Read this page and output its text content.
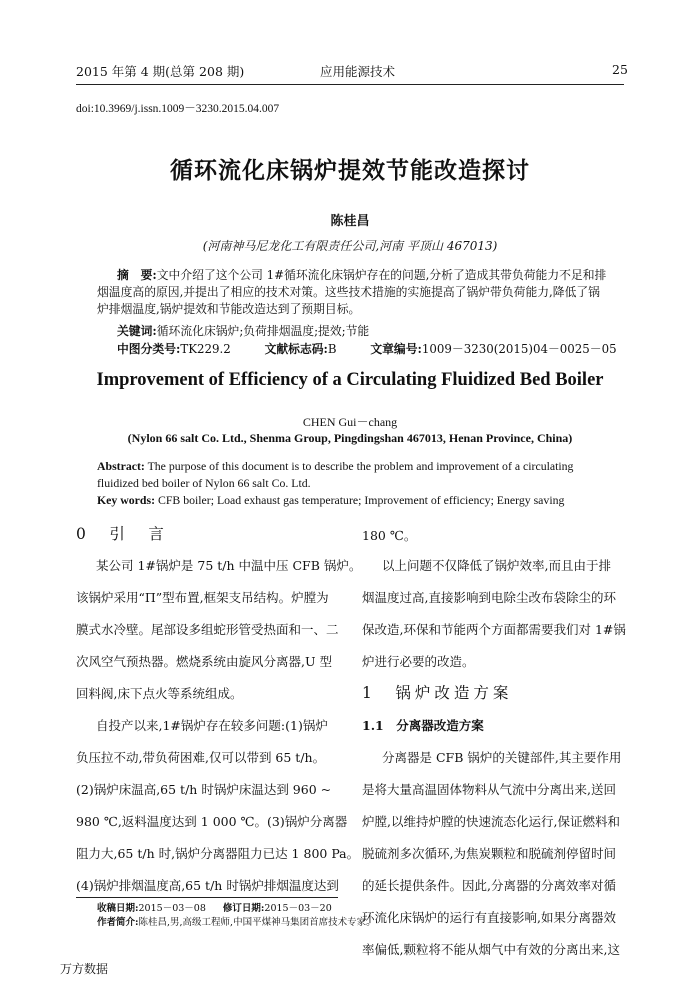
2015 年第 4 期(总第 208 期)	应用能源技术	25
doi:10.3969/j.issn.1009－3230.2015.04.007
循环流化床锅炉提效节能改造探讨
陈桂昌
(河南神马尼龙化工有限责任公司,河南 平顶山 467013)
摘　要:文中介绍了这个公司 1#循环流化床锅炉存在的问题,分析了造成其带负荷能力不足和排烟温度高的原因,并提出了相应的技术对策。这些技术措施的实施提高了锅炉带负荷能力,降低了锅炉排烟温度,锅炉提效和节能改造达到了预期目标。
关键词:循环流化床锅炉;负荷排烟温度;提效;节能
中图分类号:TK229.2	文献标志码:B	文章编号:1009－3230(2015)04－0025－05
Improvement of Efficiency of a Circulating Fluidized Bed Boiler
CHEN Gui－chang
(Nylon 66 salt Co. Ltd., Shenma Group, Pingdingshan 467013, Henan Province, China)
Abstract: The purpose of this document is to describe the problem and improvement of a circulating fluidized bed boiler of Nylon 66 salt Co. Ltd.
Key words: CFB boiler; Load exhaust gas temperature; Improvement of efficiency; Energy saving
0　引　言
某公司 1#锅炉是 75 t/h 中温中压 CFB 锅炉。
该锅炉采用“П”型布置,框架支吊结构。炉膛为
膜式水冷壁。尾部设多组蛇形管受热面和一、二
次风空气预热器。燃烧系统由旋风分离器,U 型
回料阀,床下点火等系统组成。
自投产以来,1#锅炉存在较多问题:(1)锅炉
负压拉不动,带负荷困难,仅可以带到 65 t/h。
(2)锅炉床温高,65 t/h 时锅炉床温达到 960 ~
980 ℃,返料温度达到 1 000 ℃。(3)锅炉分离器
阻力大,65 t/h 时,锅炉分离器阻力已达 1 800 Pa。
(4)锅炉排烟温度高,65 t/h 时锅炉排烟温度达到
收稿日期:2015－03－08 修订日期:2015－03－20
作者简介:陈桂昌,男,高级工程师,中国平煤神马集团首席技术专家。
180 ℃。
以上问题不仅降低了锅炉效率,而且由于排
烟温度过高,直接影响到电除尘改布袋除尘的环
保改造,环保和节能两个方面都需要我们对 1#锅
炉进行必要的改造。
1　锅炉改造方案
1.1　分离器改造方案
分离器是 CFB 锅炉的关键部件,其主要作用
是将大量高温固体物料从气流中分离出来,送回
炉膛,以维持炉膛的快速流态化运行,保证燃料和
脱硫剂多次循环,为焦炭颗粒和脱硫剂停留时间
的延长提供条件。因此,分离器的分离效率对循
环流化床锅炉的运行有直接影响,如果分离器效
率偏低,颗粒将不能从烟气中有效的分离出来,这
万方数据
